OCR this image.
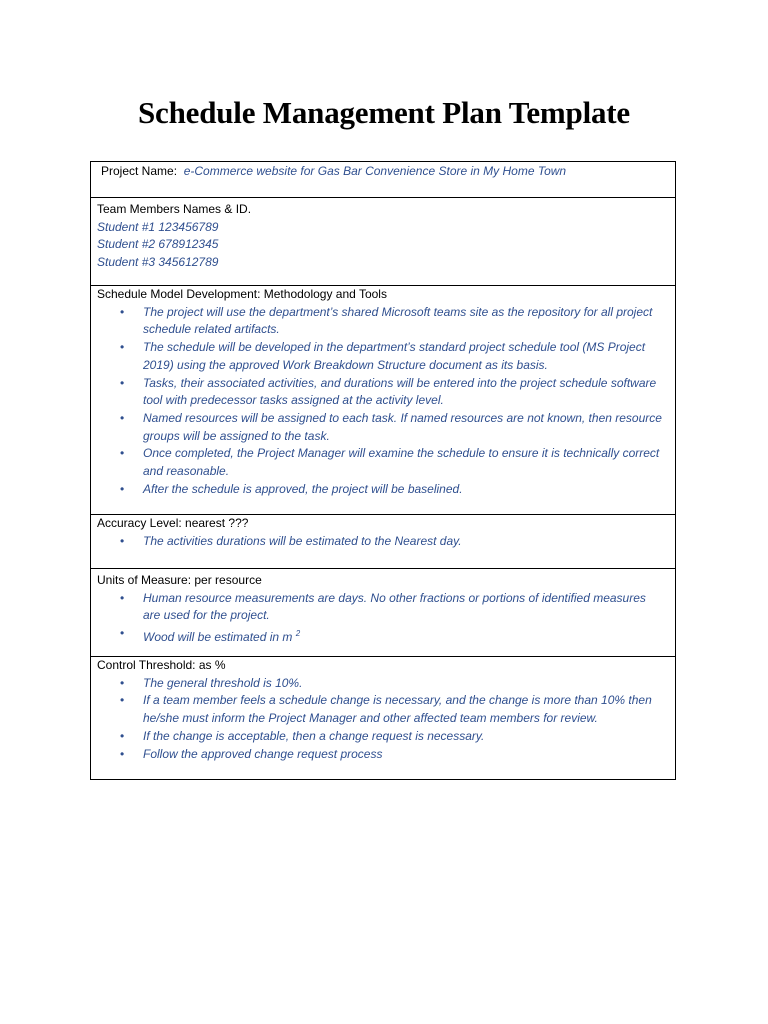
Schedule Management Plan Template
Project Name: e-Commerce website for Gas Bar Convenience Store in My Home Town
Team Members Names & ID.
Student #1 123456789
Student #2 678912345
Student #3 345612789
Schedule Model Development: Methodology and Tools
• The project will use the department’s shared Microsoft teams site as the repository for all project schedule related artifacts.
• The schedule will be developed in the department’s standard project schedule tool (MS Project 2019) using the approved Work Breakdown Structure document as its basis.
• Tasks, their associated activities, and durations will be entered into the project schedule software tool with predecessor tasks assigned at the activity level.
• Named resources will be assigned to each task. If named resources are not known, then resource groups will be assigned to the task.
• Once completed, the Project Manager will examine the schedule to ensure it is technically correct and reasonable.
• After the schedule is approved, the project will be baselined.
Accuracy Level: nearest ???
• The activities durations will be estimated to the Nearest day.
Units of Measure: per resource
• Human resource measurements are days. No other fractions or portions of identified measures are used for the project.
• Wood will be estimated in m $^2$
Control Threshold: as %
• The general threshold is 10%.
• If a team member feels a schedule change is necessary, and the change is more than 10% then he/she must inform the Project Manager and other affected team members for review.
• If the change is acceptable, then a change request is necessary.
• Follow the approved change request process
